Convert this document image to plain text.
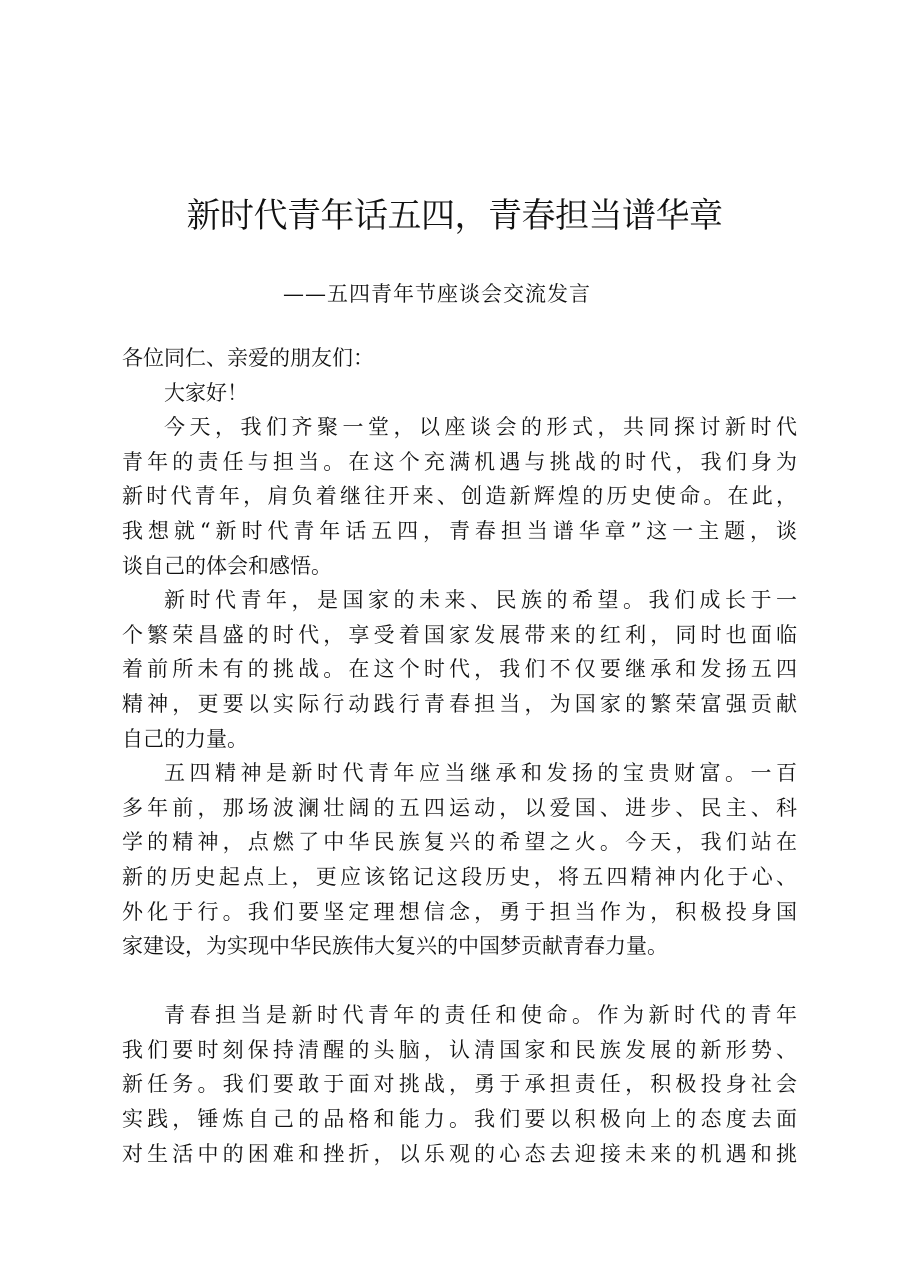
新时代青年话五四，青春担当谱华章

——五四青年节座谈会交流发言

各位同仁、亲爱的朋友们：
大家好！
今天，我们齐聚一堂，以座谈会的形式，共同探讨新时代
青年的责任与担当。在这个充满机遇与挑战的时代，我们身为
新时代青年，肩负着继往开来、创造新辉煌的历史使命。在此，
我想就“新时代青年话五四，青春担当谱华章”这一主题，谈
谈自己的体会和感悟。
新时代青年，是国家的未来、民族的希望。我们成长于一
个繁荣昌盛的时代，享受着国家发展带来的红利，同时也面临
着前所未有的挑战。在这个时代，我们不仅要继承和发扬五四
精神，更要以实际行动践行青春担当，为国家的繁荣富强贡献
自己的力量。
五四精神是新时代青年应当继承和发扬的宝贵财富。一百
多年前，那场波澜壮阔的五四运动，以爱国、进步、民主、科
学的精神，点燃了中华民族复兴的希望之火。今天，我们站在
新的历史起点上，更应该铭记这段历史，将五四精神内化于心、
外化于行。我们要坚定理想信念，勇于担当作为，积极投身国
家建设，为实现中华民族伟大复兴的中国梦贡献青春力量。
青春担当是新时代青年的责任和使命。作为新时代的青年
我们要时刻保持清醒的头脑，认清国家和民族发展的新形势、
新任务。我们要敢于面对挑战，勇于承担责任，积极投身社会
实践，锤炼自己的品格和能力。我们要以积极向上的态度去面
对生活中的困难和挫折，以乐观的心态去迎接未来的机遇和挑
